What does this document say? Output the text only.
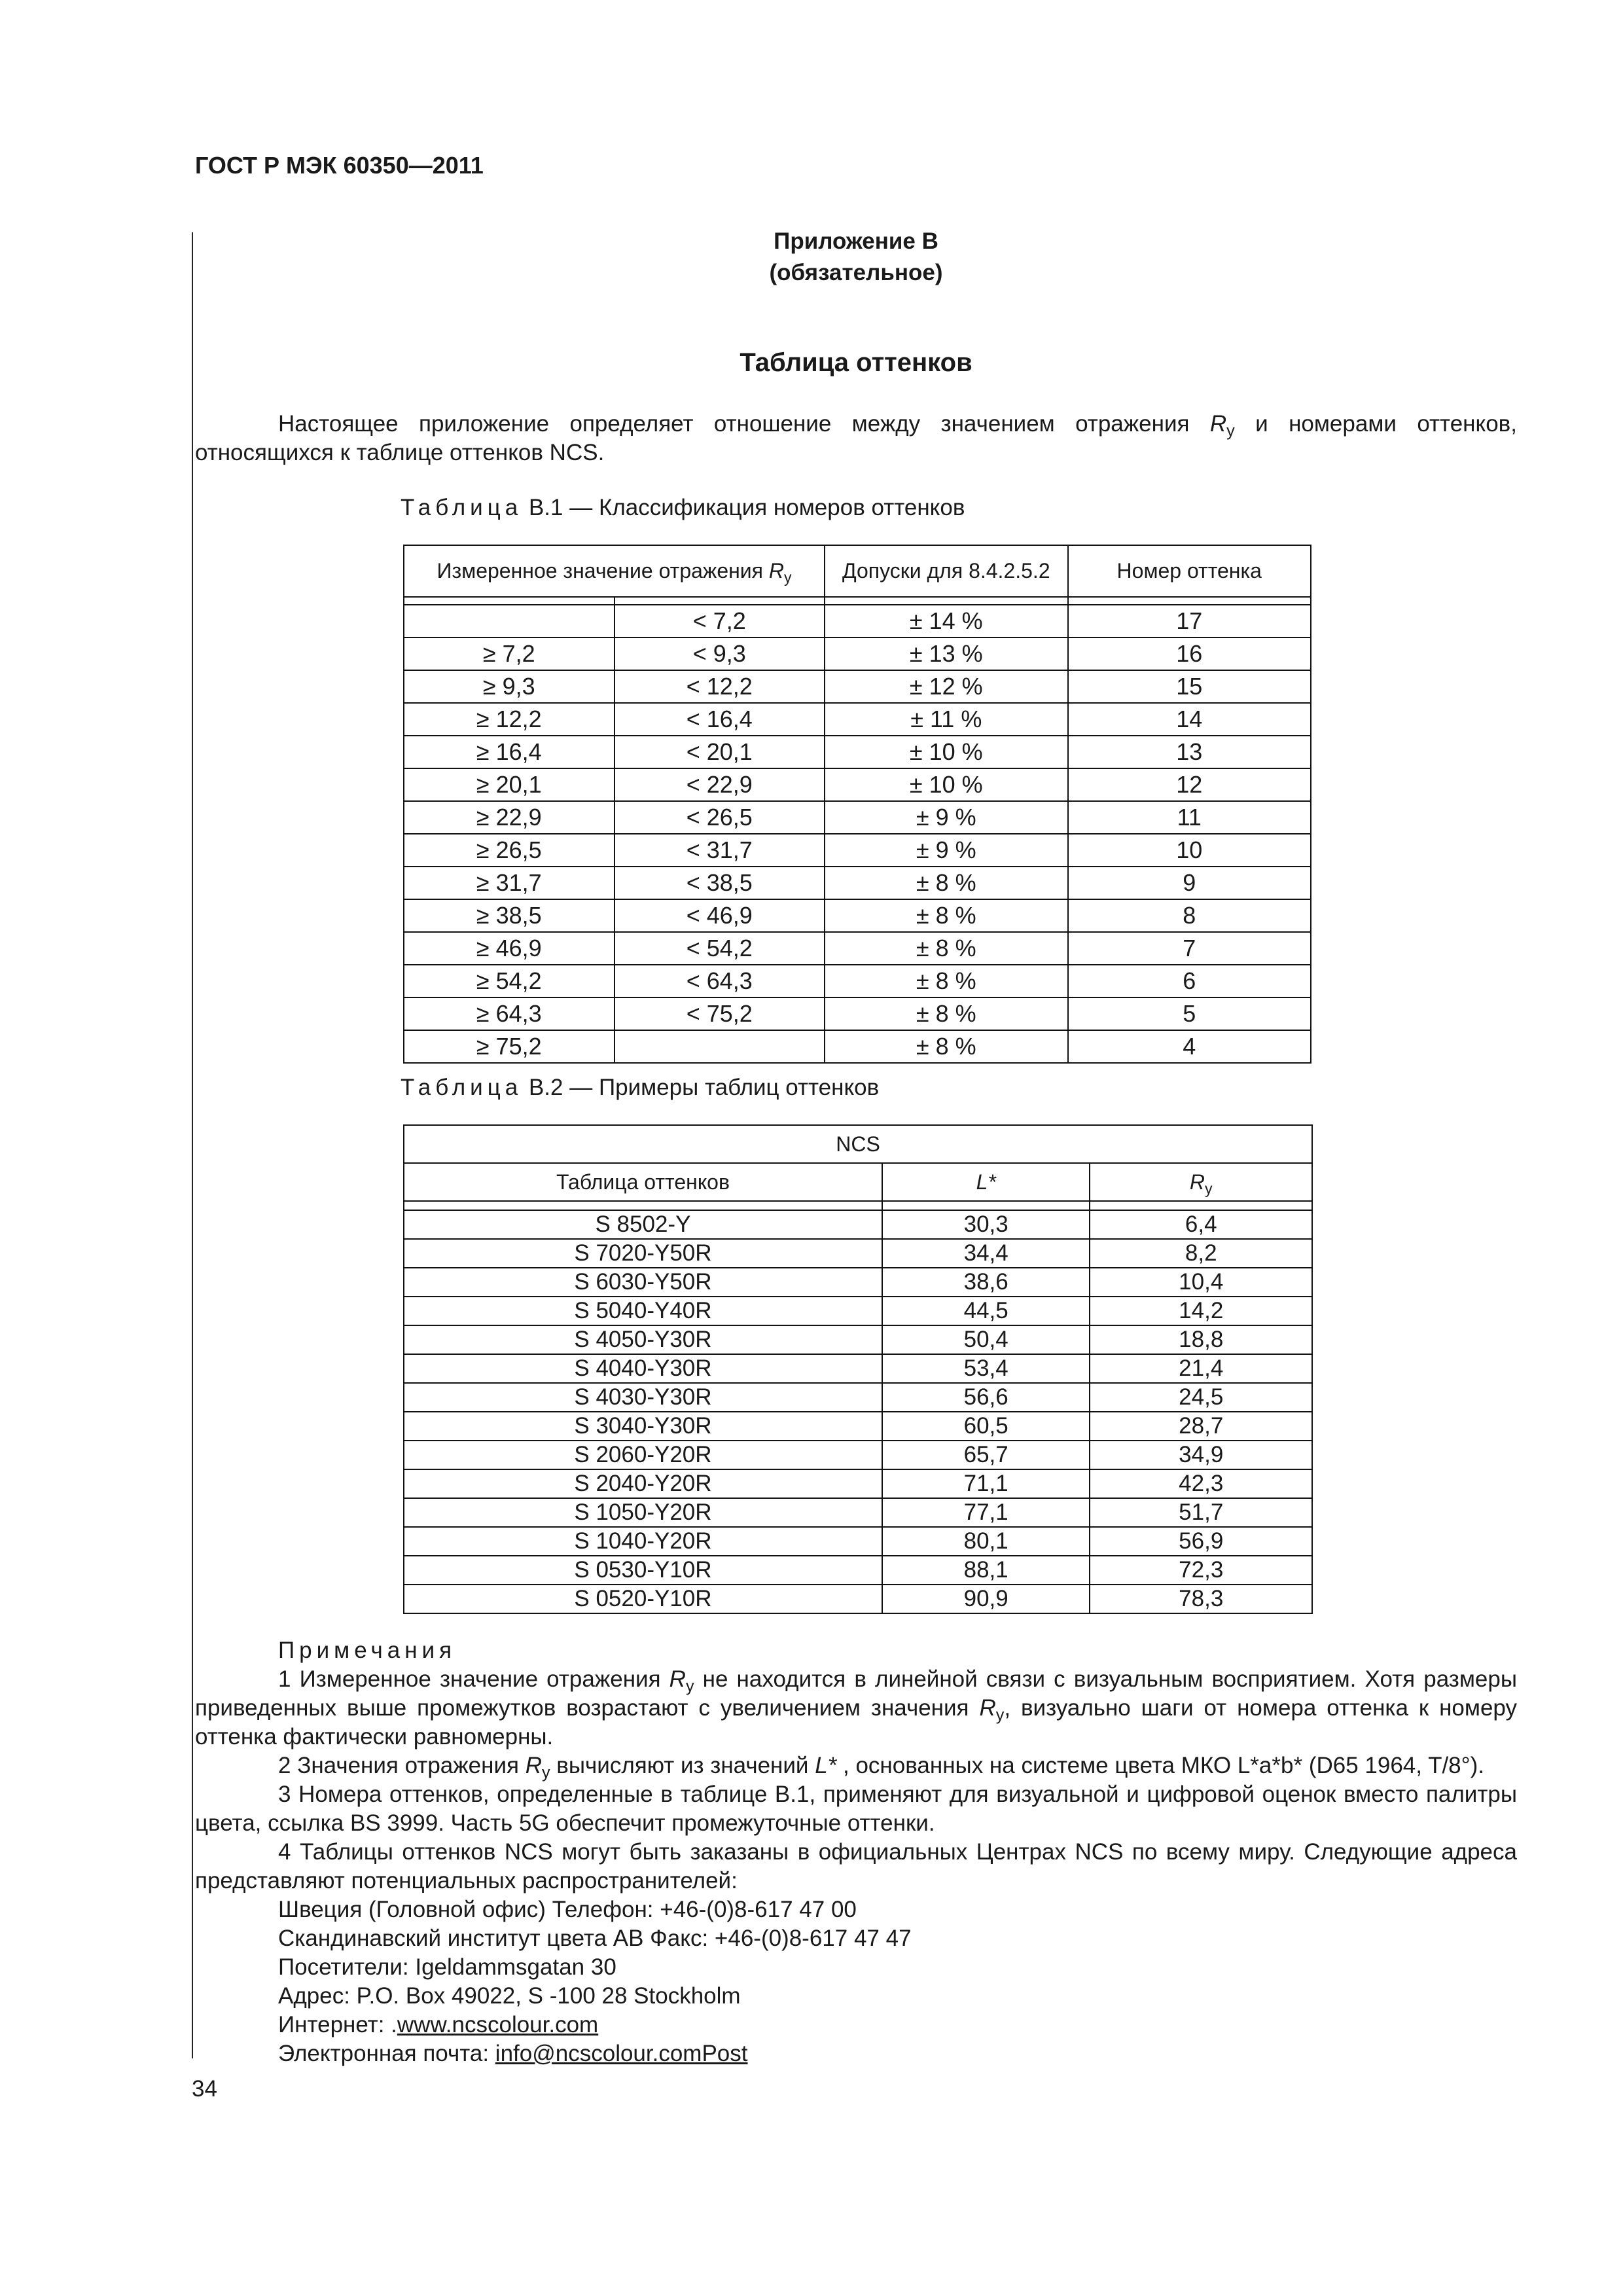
ГОСТ Р МЭК 60350—2011
Приложение В
(обязательное)
Таблица оттенков
Настоящее приложение определяет отношение между значением отражения $R_y$ и номерами оттенков, относящихся к таблице оттенков NCS.
Таблица В.1 — Классификация номеров оттенков
Измеренное значение отражения $R_y$		Допуски для 8.4.2.5.2	Номер оттенка

	< 7,2	± 14 %	17
≥ 7,2	< 9,3	± 13 %	16
≥ 9,3	< 12,2	± 12 %	15
≥ 12,2	< 16,4	± 11 %	14
≥ 16,4	< 20,1	± 10 %	13
≥ 20,1	< 22,9	± 10 %	12
≥ 22,9	< 26,5	± 9 %	11
≥ 26,5	< 31,7	± 9 %	10
≥ 31,7	< 38,5	± 8 %	9
≥ 38,5	< 46,9	± 8 %	8
≥ 46,9	< 54,2	± 8 %	7
≥ 54,2	< 64,3	± 8 %	6
≥ 64,3	< 75,2	± 8 %	5
≥ 75,2		± 8 %	4
Таблица В.2 — Примеры таблиц оттенков
NCS		
Таблица оттенков	L*	$R_y$

S 8502-Y	30,3	6,4
S 7020-Y50R	34,4	8,2
S 6030-Y50R	38,6	10,4
S 5040-Y40R	44,5	14,2
S 4050-Y30R	50,4	18,8
S 4040-Y30R	53,4	21,4
S 4030-Y30R	56,6	24,5
S 3040-Y30R	60,5	28,7
S 2060-Y20R	65,7	34,9
S 2040-Y20R	71,1	42,3
S 1050-Y20R	77,1	51,7
S 1040-Y20R	80,1	56,9
S 0530-Y10R	88,1	72,3
S 0520-Y10R	90,9	78,3

Примечания

1 Измеренное значение отражения $R_y$ не находится в линейной связи с визуальным восприятием. Хотя размеры приведенных выше промежутков возрастают с увеличением значения $R_y$, визуально шаги от номера оттенка к номеру оттенка фактически равномерны.

2 Значения отражения $R_y$ вычисляют из значений L* , основанных на системе цвета МКО L*a*b* (D65 1964, T/8°).

3 Номера оттенков, определенные в таблице В.1, применяют для визуальной и цифровой оценок вместо палитры цвета, ссылка BS 3999. Часть 5G обеспечит промежуточные оттенки.

4 Таблицы оттенков NCS могут быть заказаны в официальных Центрах NCS по всему миру. Следующие адреса представляют потенциальных распространителей:

Швеция (Головной офис) Телефон: +46-(0)8-617 47 00

Скандинавский институт цвета АВ Факс: +46-(0)8-617 47 47

Посетители: Igeldammsgatan 30

Адрес: P.O. Box 49022, S -100 28 Stockholm

Интернет: .www.ncscolour.com

Электронная почта: info@ncscolour.comPost

34
